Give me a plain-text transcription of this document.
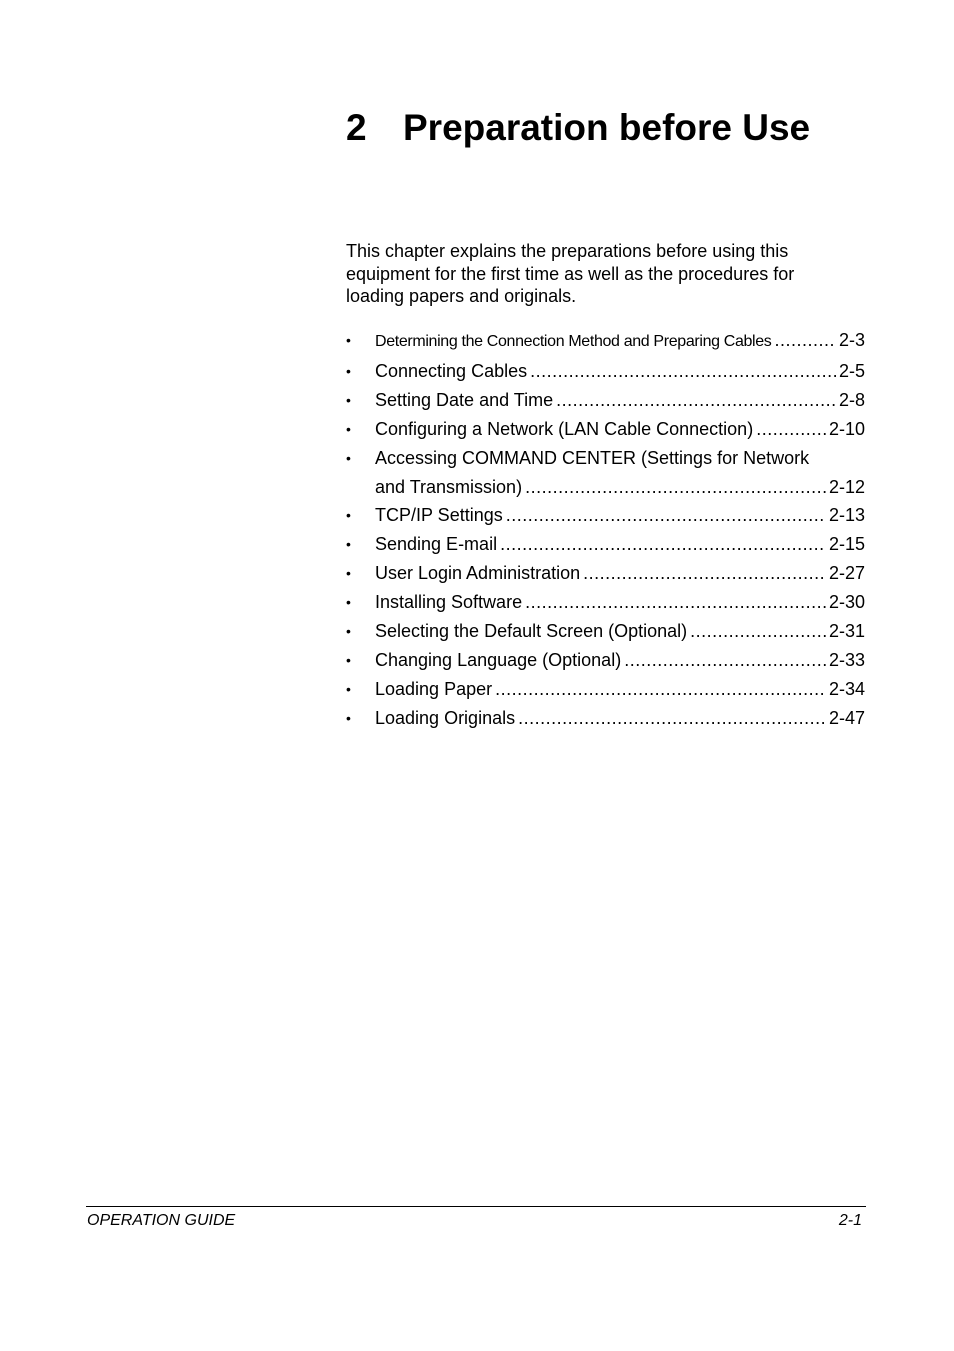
2 Preparation before Use

This chapter explains the preparations before using this equipment for the first time as well as the procedures for loading papers and originals.

•	Determining the Connection Method and Preparing Cables .....	2-3
•	Connecting Cables .....	2-5
•	Setting Date and Time .....	2-8
•	Configuring a Network (LAN Cable Connection) .....	2-10
•	Accessing COMMAND CENTER (Settings for Network
and Transmission) .....	2-12
•	TCP/IP Settings .....	2-13
•	Sending E-mail .....	2-15
•	User Login Administration .....	2-27
•	Installing Software .....	2-30
•	Selecting the Default Screen (Optional) .....	2-31
•	Changing Language (Optional) .....	2-33
•	Loading Paper .....	2-34
•	Loading Originals .....	2-47
OPERATION GUIDE	2-1
